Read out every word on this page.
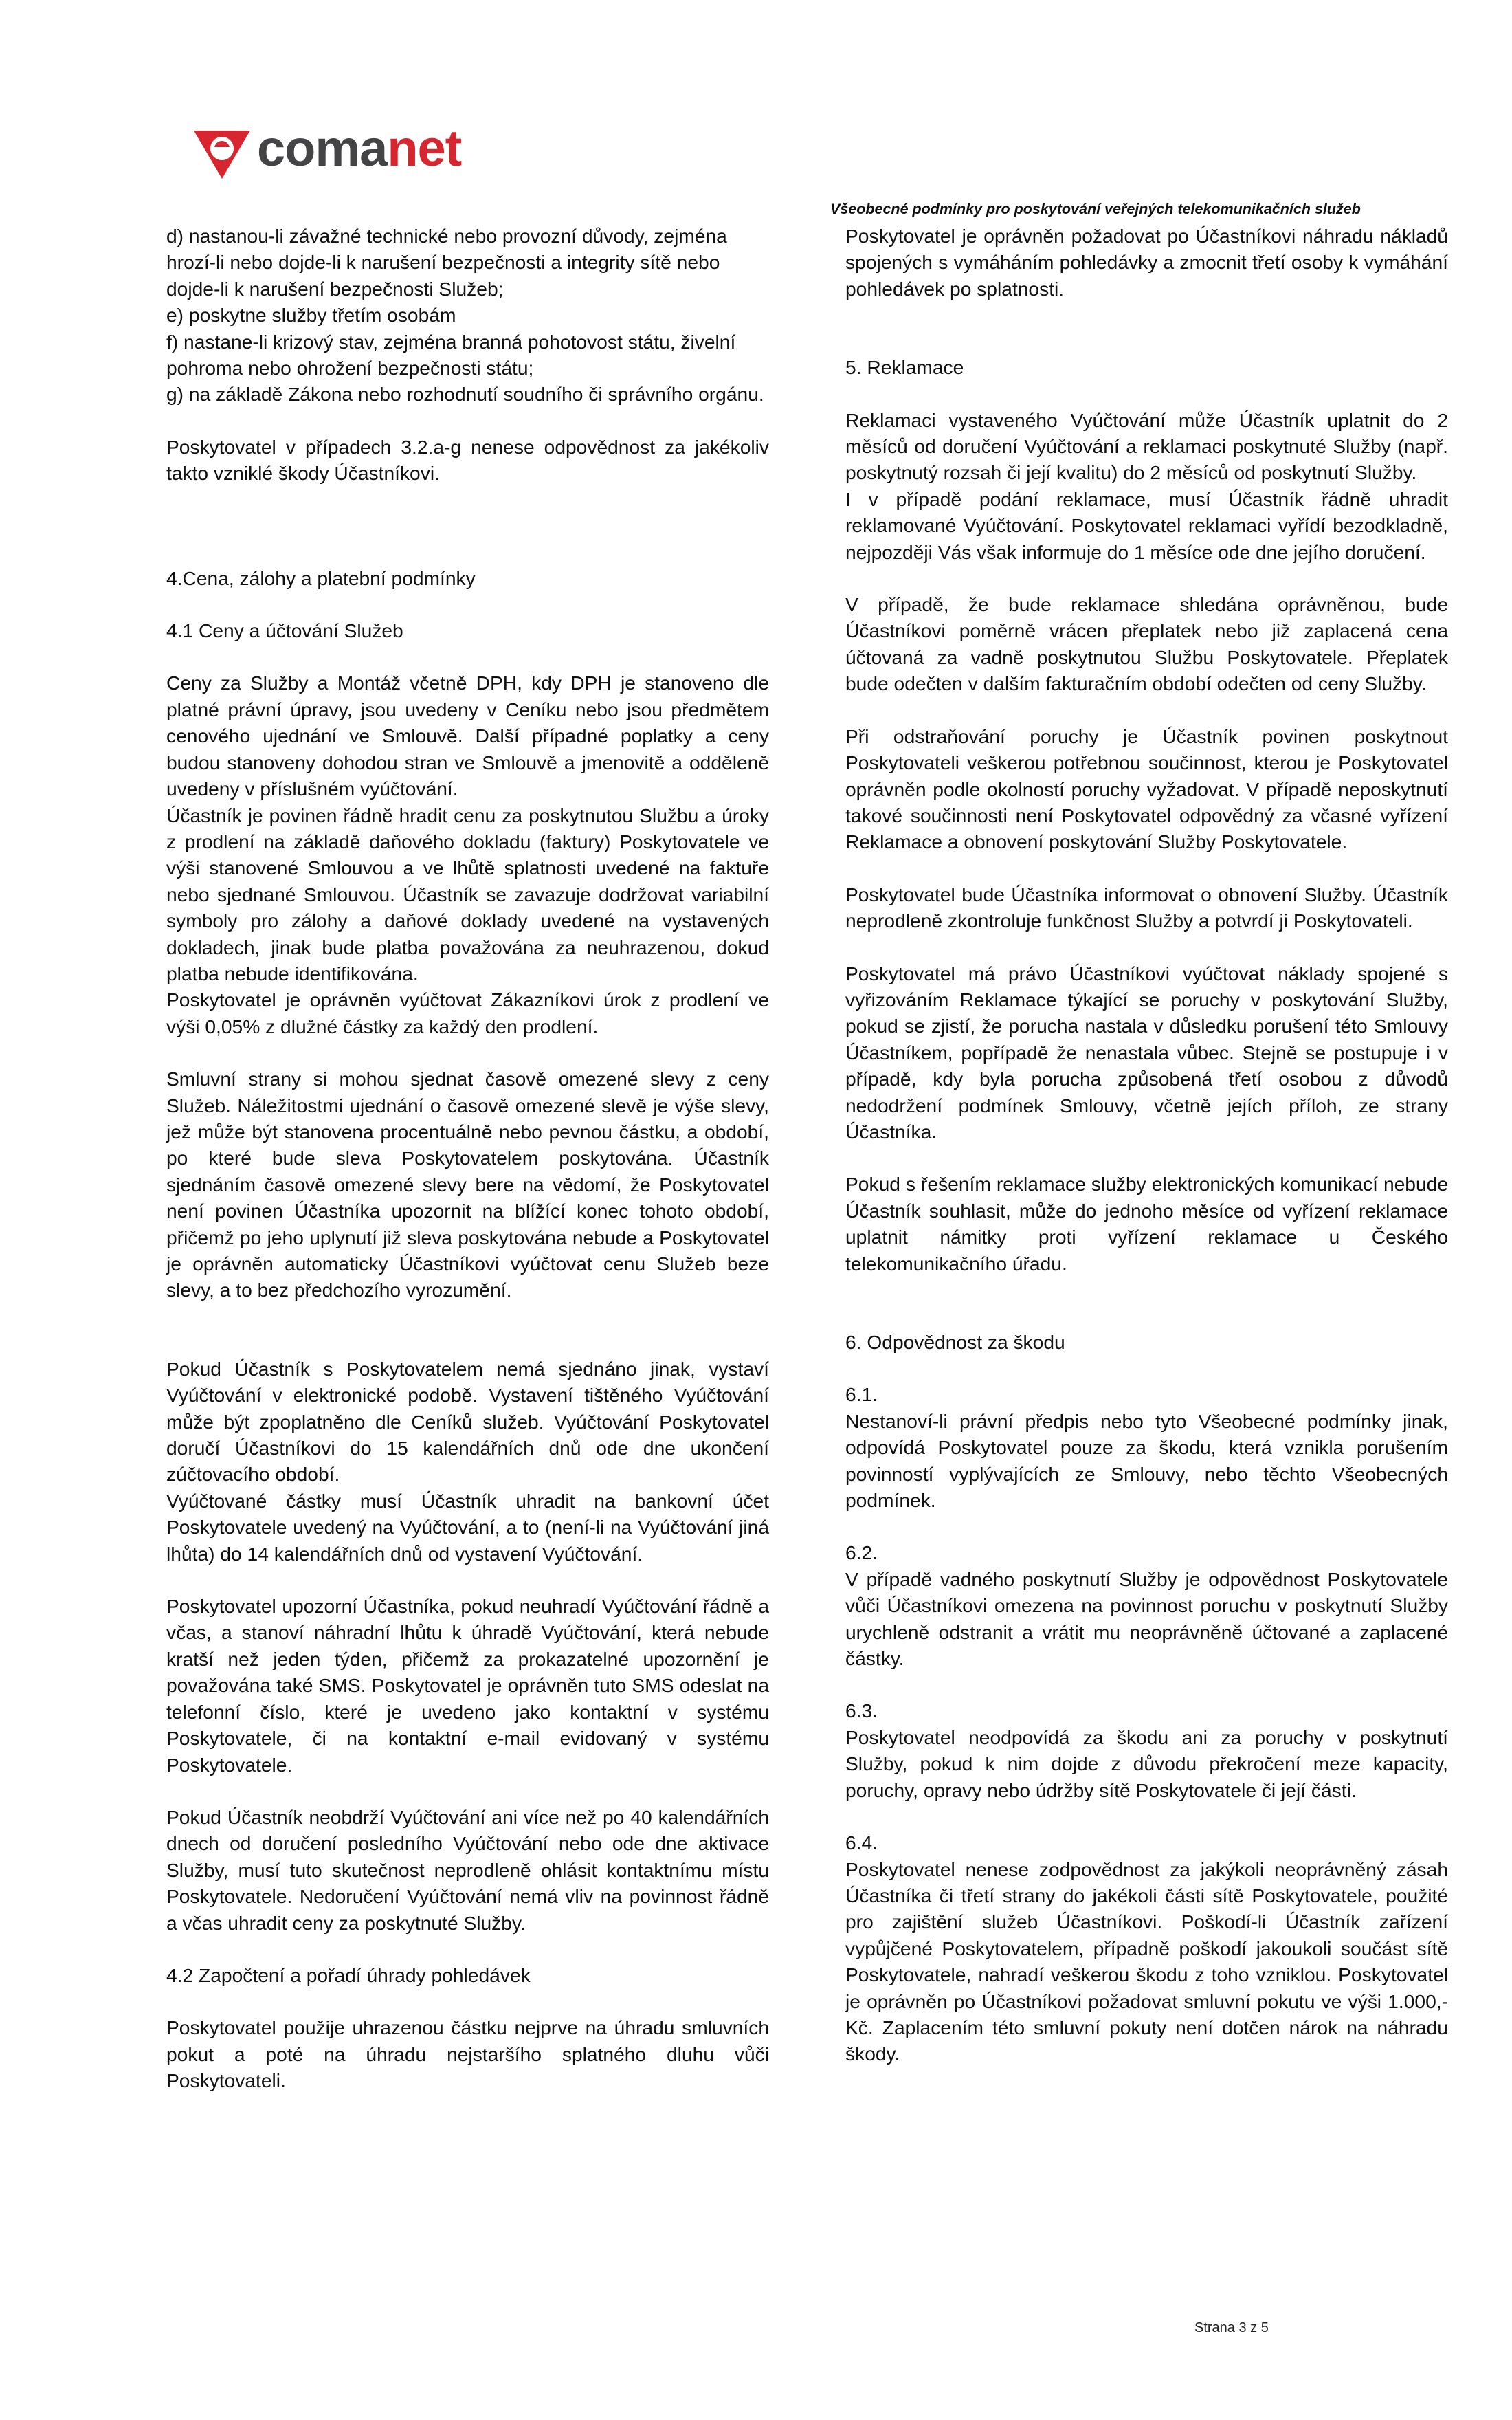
comanet
Všeobecné podmínky pro poskytování veřejných telekomunikačních služeb

d) nastanou-li závažné technické nebo provozní důvody, zejména hrozí-li nebo dojde-li k narušení bezpečnosti a integrity sítě nebo dojde-li k narušení bezpečnosti Služeb;

e) poskytne služby třetím osobám

f) nastane-li krizový stav, zejména branná pohotovost státu, živelní pohroma nebo ohrožení bezpečnosti státu;

g) na základě Zákona nebo rozhodnutí soudního či správního orgánu.

Poskytovatel v případech 3.2.a-g nenese odpovědnost za jakékoliv takto vzniklé škody Účastníkovi.

4.Cena, zálohy a platební podmínky

4.1 Ceny a účtování Služeb

Ceny za Služby a Montáž včetně DPH, kdy DPH je stanoveno dle platné právní úpravy, jsou uvedeny v Ceníku nebo jsou předmětem cenového ujednání ve Smlouvě. Další případné poplatky a ceny budou stanoveny dohodou stran ve Smlouvě a jmenovitě a odděleně uvedeny v příslušném vyúčtování.

Účastník je povinen řádně hradit cenu za poskytnutou Službu a úroky z prodlení na základě daňového dokladu (faktury) Poskytovatele ve výši stanovené Smlouvou a ve lhůtě splatnosti uvedené na faktuře nebo sjednané Smlouvou. Účastník se zavazuje dodržovat variabilní symboly pro zálohy a daňové doklady uvedené na vystavených dokladech, jinak bude platba považována za neuhrazenou, dokud platba nebude identifikována.

Poskytovatel je oprávněn vyúčtovat Zákazníkovi úrok z prodlení ve výši 0,05% z dlužné částky za každý den prodlení.

Smluvní strany si mohou sjednat časově omezené slevy z ceny Služeb. Náležitostmi ujednání o časově omezené slevě je výše slevy, jež může být stanovena procentuálně nebo pevnou částku, a období, po které bude sleva Poskytovatelem poskytována. Účastník sjednáním časově omezené slevy bere na vědomí, že Poskytovatel není povinen Účastníka upozornit na blížící konec tohoto období, přičemž po jeho uplynutí již sleva poskytována nebude a Poskytovatel je oprávněn automaticky Účastníkovi vyúčtovat cenu Služeb beze slevy, a to bez předchozího vyrozumění.

Pokud Účastník s Poskytovatelem nemá sjednáno jinak, vystaví Vyúčtování v elektronické podobě. Vystavení tištěného Vyúčtování může být zpoplatněno dle Ceníků služeb. Vyúčtování Poskytovatel doručí Účastníkovi do 15 kalendářních dnů ode dne ukončení zúčtovacího období.

Vyúčtované částky musí Účastník uhradit na bankovní účet Poskytovatele uvedený na Vyúčtování, a to (není-li na Vyúčtování jiná lhůta) do 14 kalendářních dnů od vystavení Vyúčtování.

Poskytovatel upozorní Účastníka, pokud neuhradí Vyúčtování řádně a včas, a stanoví náhradní lhůtu k úhradě Vyúčtování, která nebude kratší než jeden týden, přičemž za prokazatelné upozornění je považována také SMS. Poskytovatel je oprávněn tuto SMS odeslat na telefonní číslo, které je uvedeno jako kontaktní v systému Poskytovatele, či na kontaktní e-mail evidovaný v systému Poskytovatele.

Pokud Účastník neobdrží Vyúčtování ani více než po 40 kalendářních dnech od doručení posledního Vyúčtování nebo ode dne aktivace Služby, musí tuto skutečnost neprodleně ohlásit kontaktnímu místu Poskytovatele. Nedoručení Vyúčtování nemá vliv na povinnost řádně a včas uhradit ceny za poskytnuté Služby.

4.2 Započtení a pořadí úhrady pohledávek

Poskytovatel použije uhrazenou částku nejprve na úhradu smluvních pokut a poté na úhradu nejstaršího splatného dluhu vůči Poskytovateli.

Poskytovatel je oprávněn požadovat po Účastníkovi náhradu nákladů spojených s vymáháním pohledávky a zmocnit třetí osoby k vymáhání pohledávek po splatnosti.

5. Reklamace

Reklamaci vystaveného Vyúčtování může Účastník uplatnit do 2 měsíců od doručení Vyúčtování a reklamaci poskytnuté Služby (např. poskytnutý rozsah či její kvalitu) do 2 měsíců od poskytnutí Služby.

I v případě podání reklamace, musí Účastník řádně uhradit reklamované Vyúčtování. Poskytovatel reklamaci vyřídí bezodkladně, nejpozději Vás však informuje do 1 měsíce ode dne jejího doručení.

V případě, že bude reklamace shledána oprávněnou, bude Účastníkovi poměrně vrácen přeplatek nebo již zaplacená cena účtovaná za vadně poskytnutou Službu Poskytovatele. Přeplatek bude odečten v dalším fakturačním období odečten od ceny Služby.

Při odstraňování poruchy je Účastník povinen poskytnout Poskytovateli veškerou potřebnou součinnost, kterou je Poskytovatel oprávněn podle okolností poruchy vyžadovat. V případě neposkytnutí takové součinnosti není Poskytovatel odpovědný za včasné vyřízení Reklamace a obnovení poskytování Služby Poskytovatele.

Poskytovatel bude Účastníka informovat o obnovení Služby. Účastník neprodleně zkontroluje funkčnost Služby a potvrdí ji Poskytovateli.

Poskytovatel má právo Účastníkovi vyúčtovat náklady spojené s vyřizováním Reklamace týkající se poruchy v poskytování Služby, pokud se zjistí, že porucha nastala v důsledku porušení této Smlouvy Účastníkem, popřípadě že nenastala vůbec. Stejně se postupuje i v případě, kdy byla porucha způsobená třetí osobou z důvodů nedodržení podmínek Smlouvy, včetně jejích příloh, ze strany Účastníka.

Pokud s řešením reklamace služby elektronických komunikací nebude Účastník souhlasit, může do jednoho měsíce od vyřízení reklamace uplatnit námitky proti vyřízení reklamace u Českého telekomunikačního úřadu.

6. Odpovědnost za škodu

6.1.

Nestanoví-li právní předpis nebo tyto Všeobecné podmínky jinak, odpovídá Poskytovatel pouze za škodu, která vznikla porušením povinností vyplývajících ze Smlouvy, nebo těchto Všeobecných podmínek.

6.2.

V případě vadného poskytnutí Služby je odpovědnost Poskytovatele vůči Účastníkovi omezena na povinnost poruchu v poskytnutí Služby urychleně odstranit a vrátit mu neoprávněně účtované a zaplacené částky.

6.3.

Poskytovatel neodpovídá za škodu ani za poruchy v poskytnutí Služby, pokud k nim dojde z důvodu překročení meze kapacity, poruchy, opravy nebo údržby sítě Poskytovatele či její části.

6.4.

Poskytovatel nenese zodpovědnost za jakýkoli neoprávněný zásah Účastníka či třetí strany do jakékoli části sítě Poskytovatele, použité pro zajištění služeb Účastníkovi. Poškodí-li Účastník zařízení vypůjčené Poskytovatelem, případně poškodí jakoukoli součást sítě Poskytovatele, nahradí veškerou škodu z toho vzniklou. Poskytovatel je oprávněn po Účastníkovi požadovat smluvní pokutu ve výši 1.000,- Kč. Zaplacením této smluvní pokuty není dotčen nárok na náhradu škody.

Strana 3 z 5
